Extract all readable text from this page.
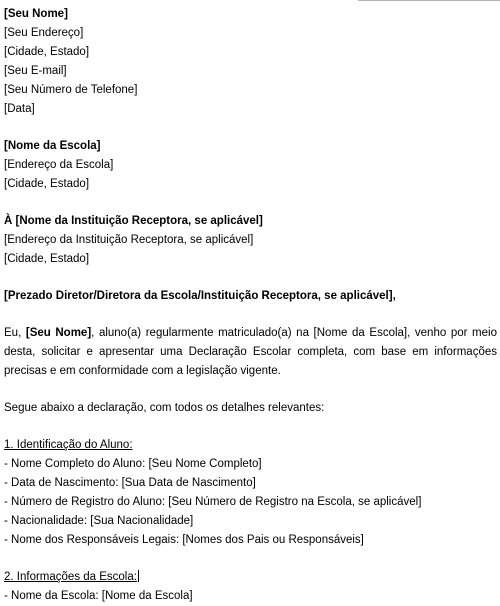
[Seu Nome]
[Seu Endereço]
[Cidade, Estado]
[Seu E-mail]
[Seu Número de Telefone]
[Data]
[Nome da Escola]
[Endereço da Escola]
[Cidade, Estado]
À [Nome da Instituição Receptora, se aplicável]
[Endereço da Instituição Receptora, se aplicável]
[Cidade, Estado]
[Prezado Diretor/Diretora da Escola/Instituição Receptora, se aplicável],
Eu, [Seu Nome], aluno(a) regularmente matriculado(a) na [Nome da Escola], venho por meio desta, solicitar e apresentar uma Declaração Escolar completa, com base em informações precisas e em conformidade com a legislação vigente.
Segue abaixo a declaração, com todos os detalhes relevantes:
1. Identificação do Aluno:
- Nome Completo do Aluno: [Seu Nome Completo]
- Data de Nascimento: [Sua Data de Nascimento]
- Número de Registro do Aluno: [Seu Número de Registro na Escola, se aplicável]
- Nacionalidade: [Sua Nacionalidade]
- Nome dos Responsáveis Legais: [Nomes dos Pais ou Responsáveis]
2. Informações da Escola:
- Nome da Escola: [Nome da Escola]
